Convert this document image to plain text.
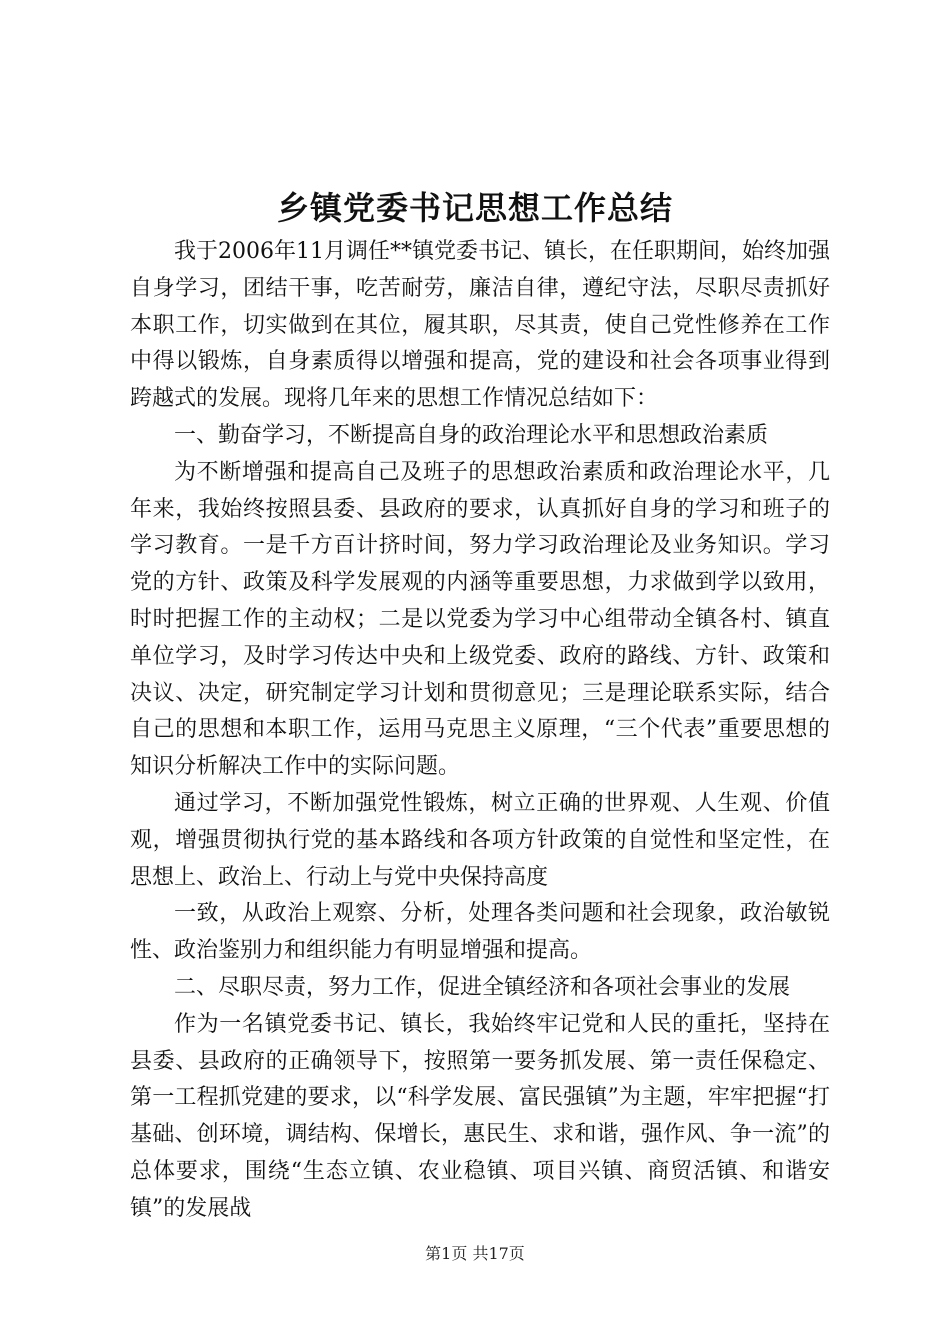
乡镇党委书记思想工作总结

我于2006年11月调任**镇党委书记、镇长，在任职期间，始终加强自身学习，团结干事，吃苦耐劳，廉洁自律，遵纪守法，尽职尽责抓好本职工作，切实做到在其位，履其职，尽其责，使自己党性修养在工作中得以锻炼，自身素质得以增强和提高，党的建设和社会各项事业得到跨越式的发展。现将几年来的思想工作情况总结如下：

一、勤奋学习，不断提高自身的政治理论水平和思想政治素质

为不断增强和提高自己及班子的思想政治素质和政治理论水平，几年来，我始终按照县委、县政府的要求，认真抓好自身的学习和班子的学习教育。一是千方百计挤时间，努力学习政治理论及业务知识。学习党的方针、政策及科学发展观的内涵等重要思想，力求做到学以致用，时时把握工作的主动权；二是以党委为学习中心组带动全镇各村、镇直单位学习，及时学习传达中央和上级党委、政府的路线、方针、政策和决议、决定，研究制定学习计划和贯彻意见；三是理论联系实际，结合自己的思想和本职工作，运用马克思主义原理，“三个代表”重要思想的知识分析解决工作中的实际问题。

通过学习，不断加强党性锻炼，树立正确的世界观、人生观、价值观，增强贯彻执行党的基本路线和各项方针政策的自觉性和坚定性，在思想上、政治上、行动上与党中央保持高度

一致，从政治上观察、分析，处理各类问题和社会现象，政治敏锐性、政治鉴别力和组织能力有明显增强和提高。

二、尽职尽责，努力工作，促进全镇经济和各项社会事业的发展

作为一名镇党委书记、镇长，我始终牢记党和人民的重托，坚持在县委、县政府的正确领导下，按照第一要务抓发展、第一责任保稳定、第一工程抓党建的要求，以“科学发展、富民强镇”为主题，牢牢把握“打基础、创环境，调结构、保增长，惠民生、求和谐，强作风、争一流”的总体要求，围绕“生态立镇、农业稳镇、项目兴镇、商贸活镇、和谐安镇”的发展战

第1页 共17页
